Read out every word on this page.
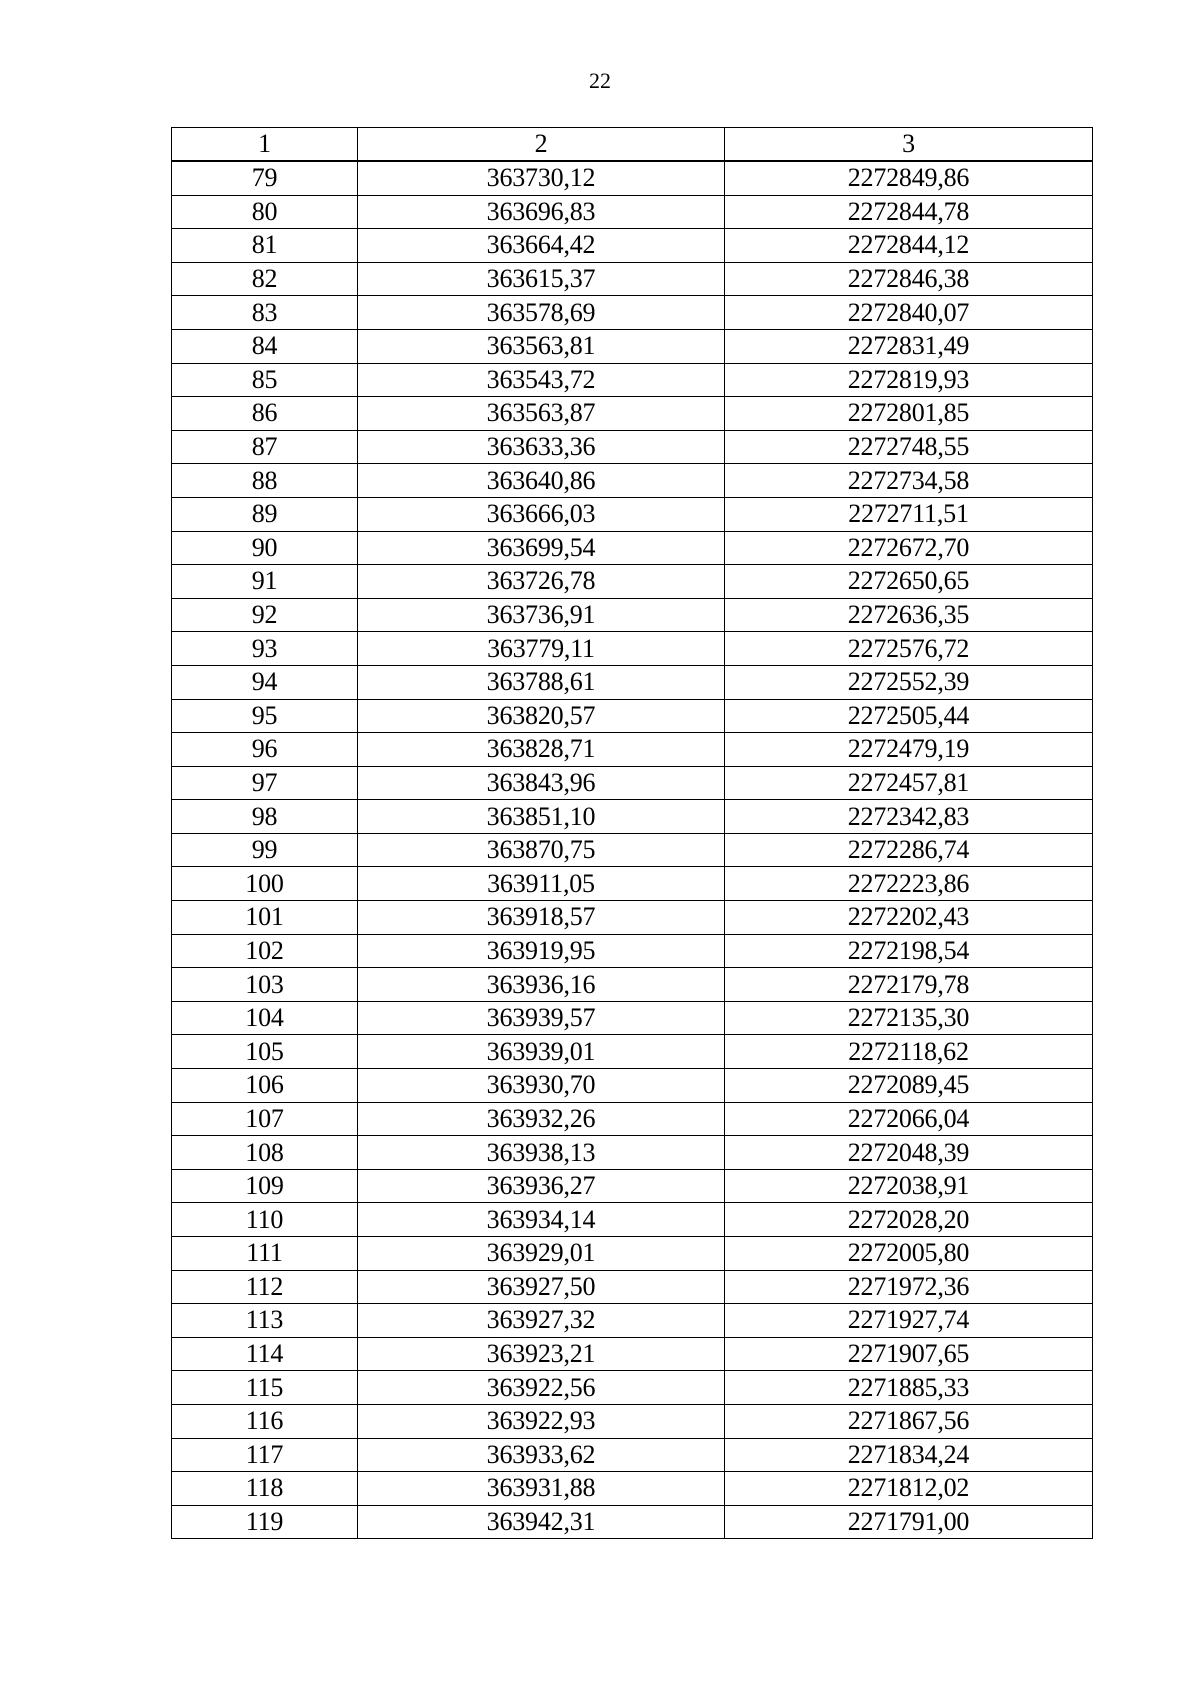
22
1	2	3
79	363730,12	2272849,86
80	363696,83	2272844,78
81	363664,42	2272844,12
82	363615,37	2272846,38
83	363578,69	2272840,07
84	363563,81	2272831,49
85	363543,72	2272819,93
86	363563,87	2272801,85
87	363633,36	2272748,55
88	363640,86	2272734,58
89	363666,03	2272711,51
90	363699,54	2272672,70
91	363726,78	2272650,65
92	363736,91	2272636,35
93	363779,11	2272576,72
94	363788,61	2272552,39
95	363820,57	2272505,44
96	363828,71	2272479,19
97	363843,96	2272457,81
98	363851,10	2272342,83
99	363870,75	2272286,74
100	363911,05	2272223,86
101	363918,57	2272202,43
102	363919,95	2272198,54
103	363936,16	2272179,78
104	363939,57	2272135,30
105	363939,01	2272118,62
106	363930,70	2272089,45
107	363932,26	2272066,04
108	363938,13	2272048,39
109	363936,27	2272038,91
110	363934,14	2272028,20
111	363929,01	2272005,80
112	363927,50	2271972,36
113	363927,32	2271927,74
114	363923,21	2271907,65
115	363922,56	2271885,33
116	363922,93	2271867,56
117	363933,62	2271834,24
118	363931,88	2271812,02
119	363942,31	2271791,00
